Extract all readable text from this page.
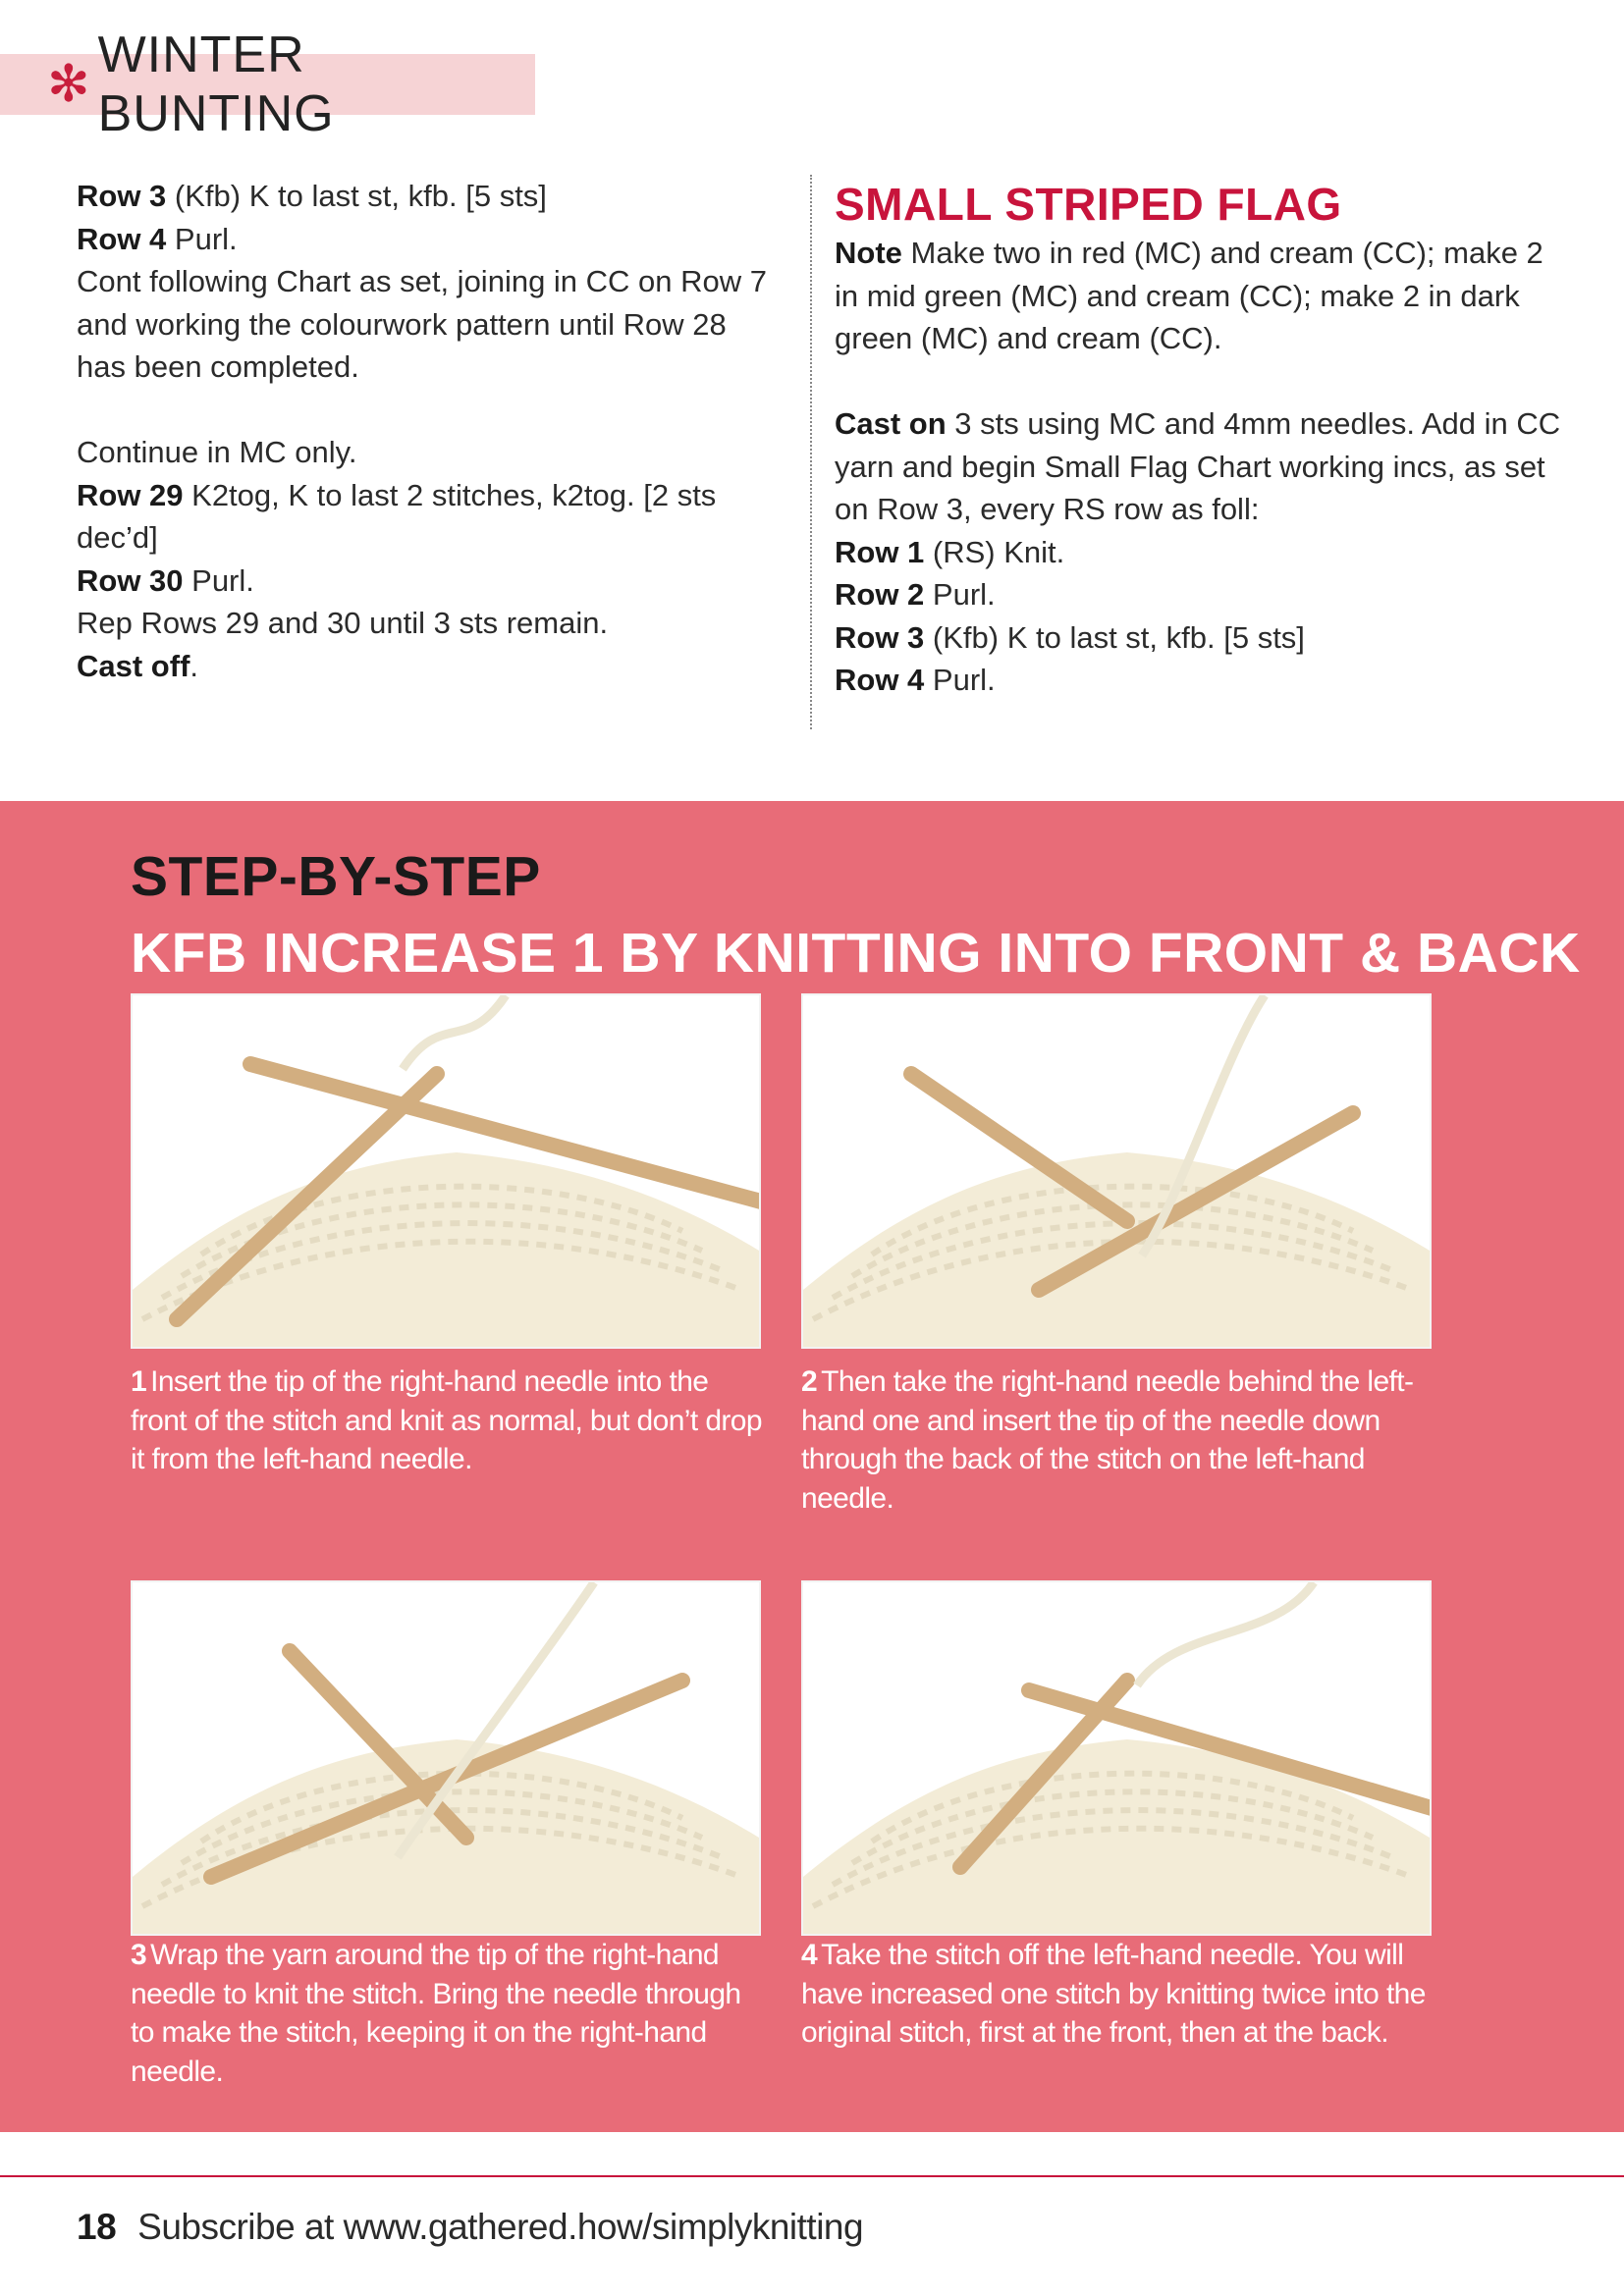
✻
WINTER BUNTING

Row 3 (Kfb) K to last st, kfb. [5 sts]

Row 4 Purl.

Cont following Chart as set, joining in CC on Row 7 and working the colourwork pattern until Row 28 has been completed.

Continue in MC only.

Row 29 K2tog, K to last 2 stitches, k2tog. [2 sts dec’d]

Row 30 Purl.

Rep Rows 29 and 30 until 3 sts remain.

Cast off.

SMALL STRIPED FLAG

Note Make two in red (MC) and cream (CC); make 2 in mid green (MC) and cream (CC); make 2 in dark green (MC) and cream (CC).

Cast on 3 sts using MC and 4mm needles. Add in CC yarn and begin Small Flag Chart working incs, as set on Row 3, every RS row as foll:

Row 1 (RS) Knit.

Row 2 Purl.

Row 3 (Kfb) K to last st, kfb. [5 sts]

Row 4 Purl.

STEP-BY-STEP
KFB INCREASE 1 BY KNITTING INTO FRONT & BACK
1 Insert the tip of the right-hand needle into the front of the stitch and knit as normal, but don’t drop it from the left-hand needle.
2 Then take the right-hand needle behind the left-hand one and insert the tip of the needle down through the back of the stitch on the left-hand needle.
3 Wrap the yarn around the tip of the right-hand needle to knit the stitch. Bring the needle through to make the stitch, keeping it on the right-hand needle.
4 Take the stitch off the left-hand needle. You will have increased one stitch by knitting twice into the original stitch, first at the front, then at the back.
18 Subscribe at www.gathered.how/simplyknitting
